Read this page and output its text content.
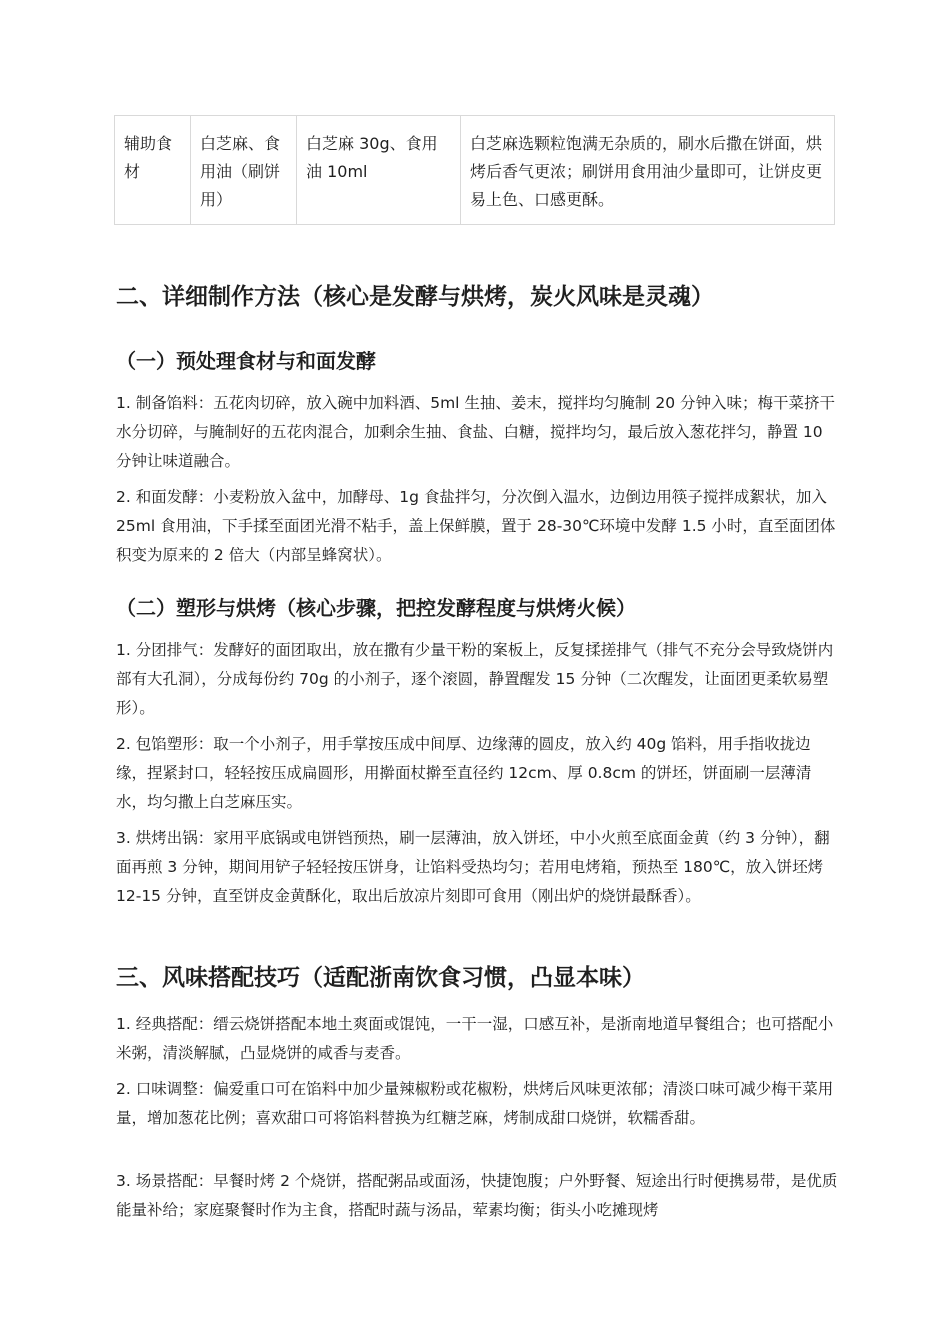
辅助食材	白芝麻、食用油（刷饼用）	白芝麻 30g、食用油 10ml	白芝麻选颗粒饱满无杂质的，刷水后撒在饼面，烘烤后香气更浓；刷饼用食用油少量即可，让饼皮更易上色、口感更酥。
二、详细制作方法（核心是发酵与烘烤，炭火风味是灵魂）
（一）预处理食材与和面发酵

1. 制备馅料：五花肉切碎，放入碗中加料酒、5ml 生抽、姜末，搅拌均匀腌制 20 分钟入味；梅干菜挤干水分切碎，与腌制好的五花肉混合，加剩余生抽、食盐、白糖，搅拌均匀，最后放入葱花拌匀，静置 10 分钟让味道融合。

2. 和面发酵：小麦粉放入盆中，加酵母、1g 食盐拌匀，分次倒入温水，边倒边用筷子搅拌成絮状，加入 25ml 食用油，下手揉至面团光滑不粘手，盖上保鲜膜，置于 28-30℃环境中发酵 1.5 小时，直至面团体积变为原来的 2 倍大（内部呈蜂窝状）。

（二）塑形与烘烤（核心步骤，把控发酵程度与烘烤火候）

1. 分团排气：发酵好的面团取出，放在撒有少量干粉的案板上，反复揉搓排气（排气不充分会导致烧饼内部有大孔洞），分成每份约 70g 的小剂子，逐个滚圆，静置醒发 15 分钟（二次醒发，让面团更柔软易塑形）。

2. 包馅塑形：取一个小剂子，用手掌按压成中间厚、边缘薄的圆皮，放入约 40g 馅料，用手指收拢边缘，捏紧封口，轻轻按压成扁圆形，用擀面杖擀至直径约 12cm、厚 0.8cm 的饼坯，饼面刷一层薄清水，均匀撒上白芝麻压实。

3. 烘烤出锅：家用平底锅或电饼铛预热，刷一层薄油，放入饼坯，中小火煎至底面金黄（约 3 分钟），翻面再煎 3 分钟，期间用铲子轻轻按压饼身，让馅料受热均匀；若用电烤箱，预热至 180℃，放入饼坯烤 12-15 分钟，直至饼皮金黄酥化，取出后放凉片刻即可食用（刚出炉的烧饼最酥香）。

三、风味搭配技巧（适配浙南饮食习惯，凸显本味）

1. 经典搭配：缙云烧饼搭配本地土爽面或馄饨，一干一湿，口感互补，是浙南地道早餐组合；也可搭配小米粥，清淡解腻，凸显烧饼的咸香与麦香。

2. 口味调整：偏爱重口可在馅料中加少量辣椒粉或花椒粉，烘烤后风味更浓郁；清淡口味可减少梅干菜用量，增加葱花比例；喜欢甜口可将馅料替换为红糖芝麻，烤制成甜口烧饼，软糯香甜。

3. 场景搭配：早餐时烤 2 个烧饼，搭配粥品或面汤，快捷饱腹；户外野餐、短途出行时便携易带，是优质能量补给；家庭聚餐时作为主食，搭配时蔬与汤品，荤素均衡；街头小吃摊现烤
